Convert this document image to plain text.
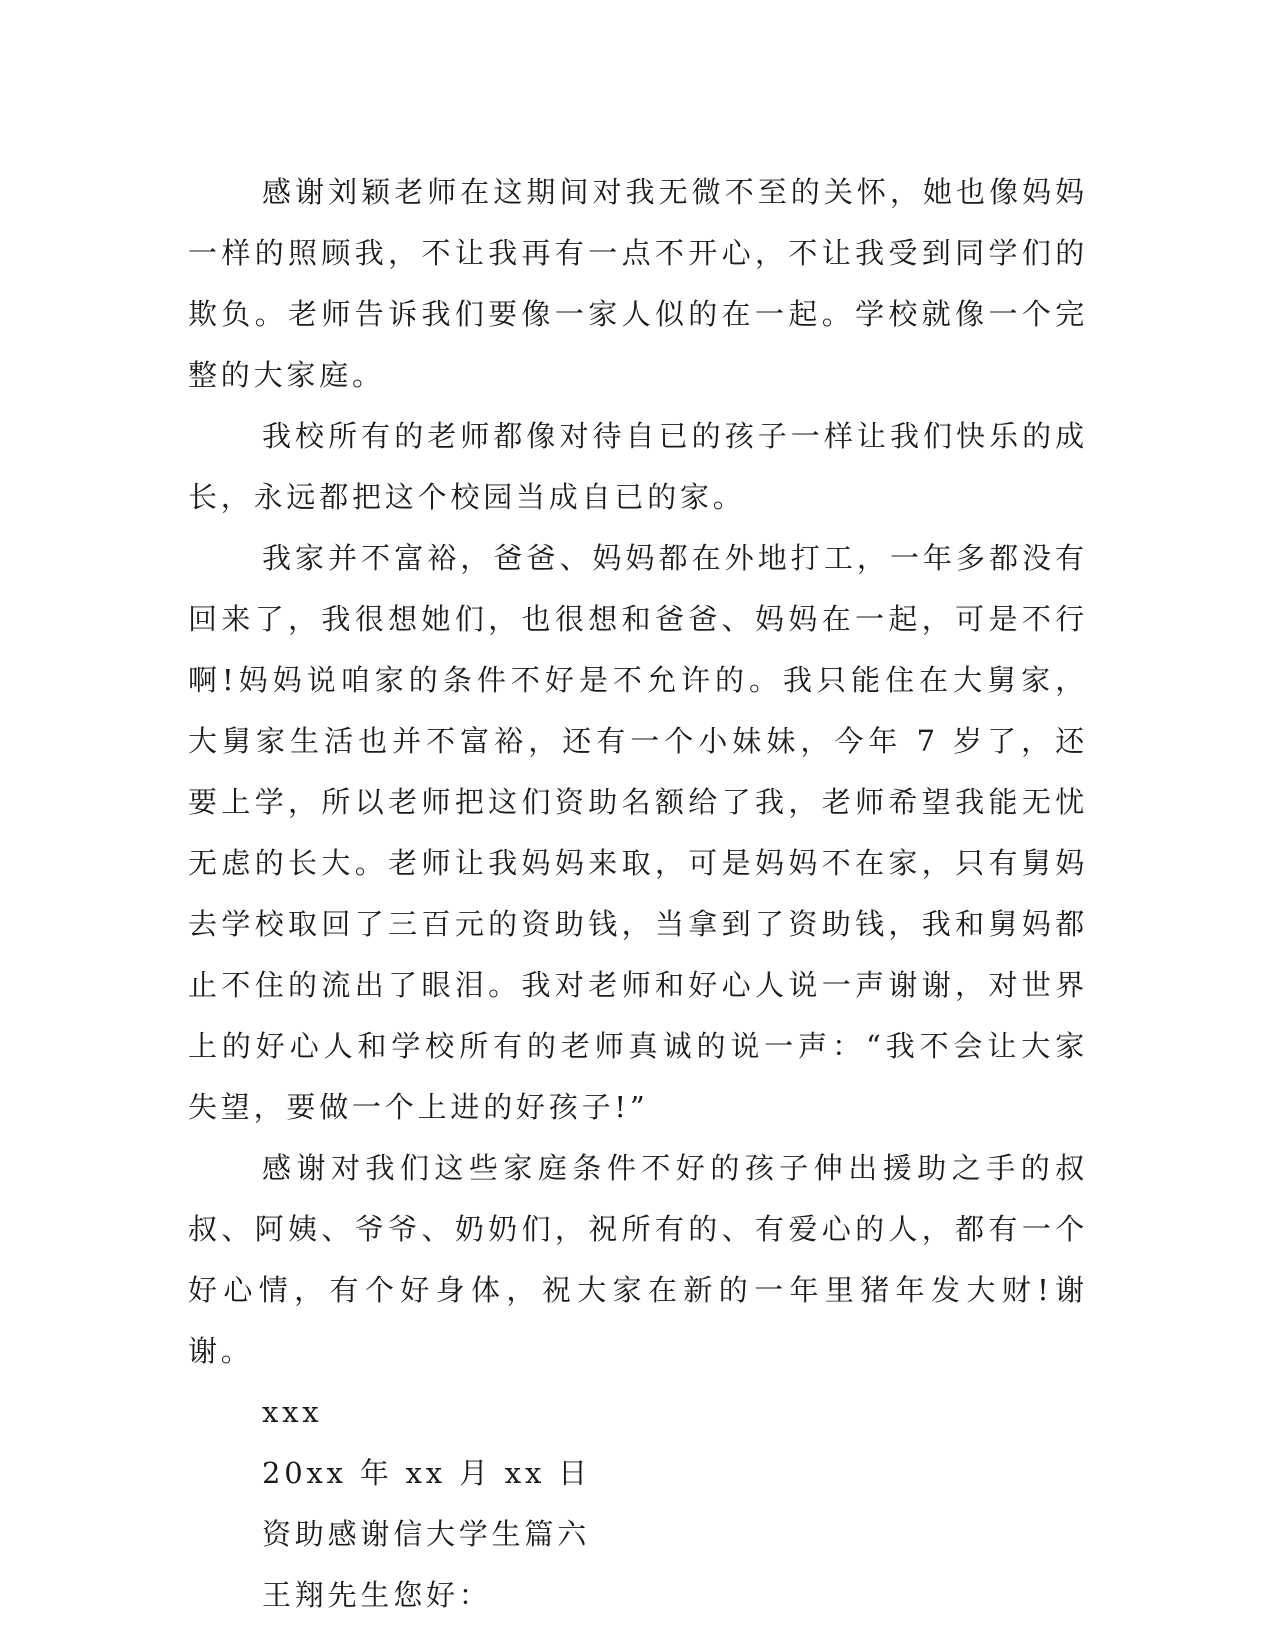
感谢刘颖老师在这期间对我无微不至的关怀，她也像妈妈一样的照顾我，不让我再有一点不开心，不让我受到同学们的欺负。老师告诉我们要像一家人似的在一起。学校就像一个完整的大家庭。

我校所有的老师都像对待自已的孩子一样让我们快乐的成长，永远都把这个校园当成自已的家。

我家并不富裕，爸爸、妈妈都在外地打工，一年多都没有回来了，我很想她们，也很想和爸爸、妈妈在一起，可是不行啊!妈妈说咱家的条件不好是不允许的。我只能住在大舅家，大舅家生活也并不富裕，还有一个小妹妹，今年 7 岁了，还要上学，所以老师把这们资助名额给了我，老师希望我能无忧无虑的长大。老师让我妈妈来取，可是妈妈不在家，只有舅妈去学校取回了三百元的资助钱，当拿到了资助钱，我和舅妈都止不住的流出了眼泪。我对老师和好心人说一声谢谢，对世界上的好心人和学校所有的老师真诚的说一声：“我不会让大家失望，要做一个上进的好孩子!”

感谢对我们这些家庭条件不好的孩子伸出援助之手的叔叔、阿姨、爷爷、奶奶们，祝所有的、有爱心的人，都有一个好心情，有个好身体，祝大家在新的一年里猪年发大财!谢谢。

xxx

20xx 年 xx 月 xx 日

资助感谢信大学生篇六

王翔先生您好：
